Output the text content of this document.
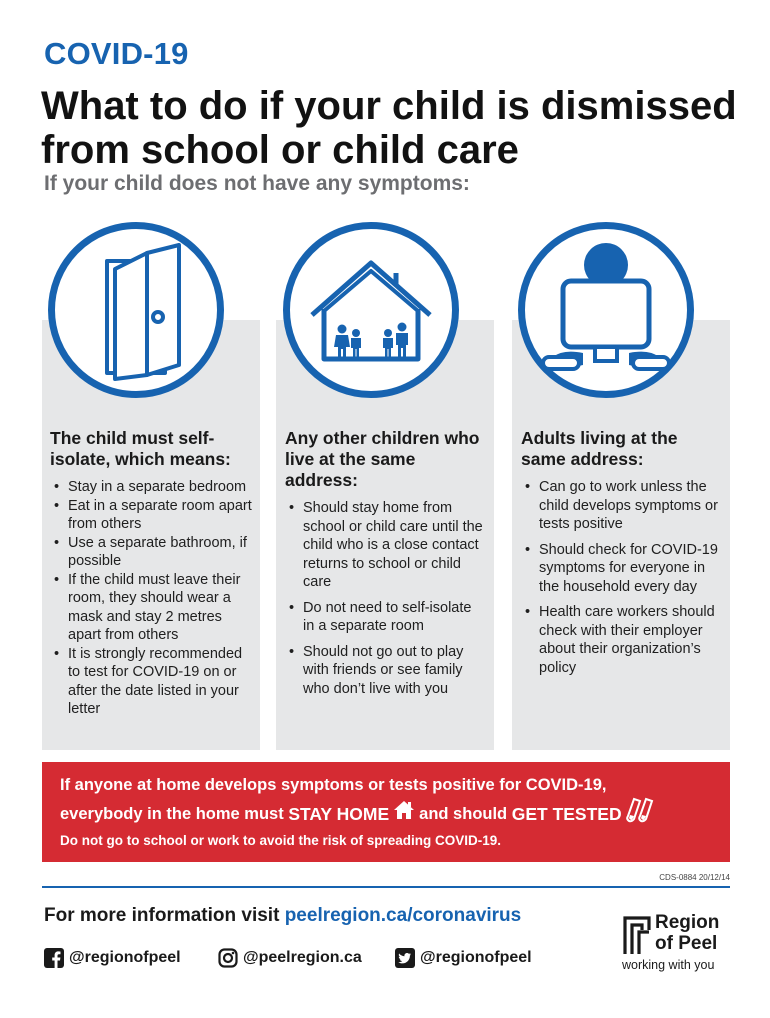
COVID-19
What to do if your child is dismissed from school or child care
If your child does not have any symptoms:
The child must self-isolate, which means:
• Stay in a separate bedroom
• Eat in a separate room apart from others
• Use a separate bathroom, if possible
• If the child must leave their room, they should wear a mask and stay 2 metres apart from others
• It is strongly recommended to test for COVID-19 on or after the date listed in your letter
Any other children who live at the same address:
• Should stay home from school or child care until the child who is a close contact returns to school or child care
• Do not need to self-isolate in a separate room
• Should not go out to play with friends or see family who don’t live with you
Adults living at the same address:
• Can go to work unless the child develops symptoms or tests positive
• Should check for COVID-19 symptoms for everyone in the household every day
• Health care workers should check with their employer about their organization’s policy
If anyone at home develops symptoms or tests positive for COVID-19,
everybody in the home must
STAY HOME and should
GET TESTED
Do not go to school or work to avoid the risk of spreading COVID-19.
CDS-0884 20/12/14
For more information visit peelregion.ca/coronavirus
@regionofpeel	@peelregion.ca	@regionofpeel
Region
of Peel
working with you
